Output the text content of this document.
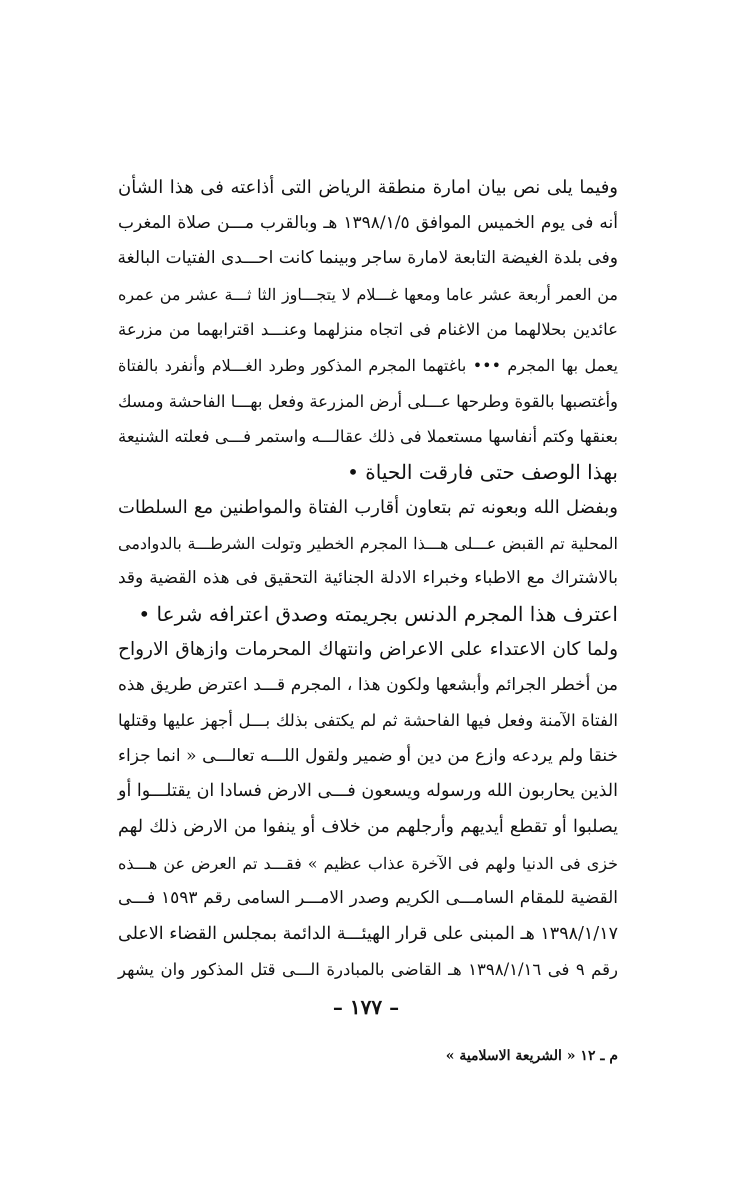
وفيما يلى نص بيان امارة منطقة الرياض التى أذاعته فى هذا الشأن
أنه فى يوم الخميس الموافق ١٣٩٨/١/٥ هـ وبالقرب مـــن صلاة المغرب
وفى بلدة الغيضة التابعة لامارة ساجر وبينما كانت احـــدى الفتيات البالغة
من العمر أربعة عشر عاما ومعها غـــلام لا يتجـــاوز الثا ثـــة عشر من عمره
عائدين بحلالهما من الاغنام فى اتجاه منزلهما وعنـــد اقترابهما من مزرعة
يعمل بها المجرم ••• باغتهما المجرم المذكور وطرد الغـــلام وأنفرد بالفتاة
وأغتصبها بالقوة وطرحها عـــلى أرض المزرعة وفعل بهـــا الفاحشة ومسك
بعنقها وكتم أنفاسها مستعملا فى ذلك عقالـــه واستمر فـــى فعلته الشنيعة
بهذا الوصف حتى فارقت الحياة •
وبفضل الله وبعونه تم بتعاون أقارب الفتاة والمواطنين مع السلطات
المحلية تم القبض عـــلى هـــذا المجرم الخطير وتولت الشرطـــة بالدوادمى
بالاشتراك مع الاطباء وخبراء الادلة الجنائية التحقيق فى هذه القضية وقد
اعترف هذا المجرم الدنس بجريمته وصدق اعترافه شرعا •
ولما كان الاعتداء على الاعراض وانتهاك المحرمات وازهاق الارواح
من أخطر الجرائم وأبشعها ولكون هذا ، المجرم قـــد اعترض طريق هذه
الفتاة الآمنة وفعل فيها الفاحشة ثم لم يكتفى بذلك بـــل أجهز عليها وقتلها
خنقا ولم يردعه وازع من دين أو ضمير ولقول اللـــه تعالـــى « انما جزاء
الذين يحاربون الله ورسوله ويسعون فـــى الارض فسادا ان يقتلـــوا أو
يصلبوا أو تقطع أيديهم وأرجلهم من خلاف أو ينفوا من الارض ذلك لهم
خزى فى الدنيا ولهم فى الآخرة عذاب عظيم » فقـــد تم العرض عن هـــذه
القضية للمقام السامـــى الكريم وصدر الامـــر السامى رقم ١٥٩٣ فـــى
١٣٩٨/١/١٧ هـ المبنى على قرار الهيئـــة الدائمة بمجلس القضاء الاعلى
رقم ٩ فى ١٣٩٨/١/١٦ هـ القاضى بالمبادرة الـــى قتل المذكور وان يشهر
– ١٧٧ –
م ـ ١٢ « الشريعة الاسلامية »
